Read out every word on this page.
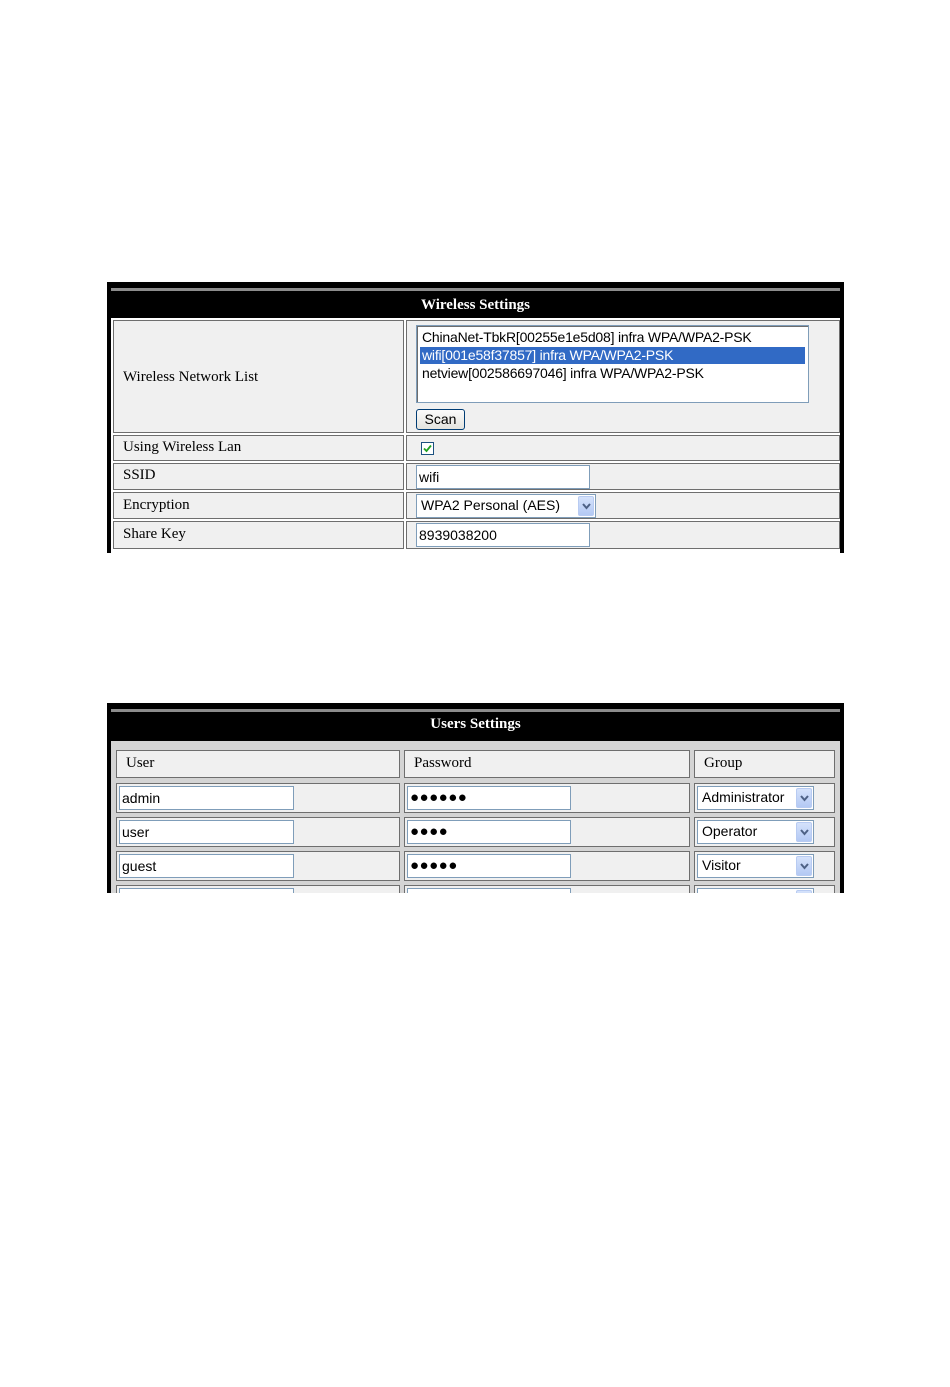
Wireless Settings
Wireless Network List
ChinaNet-TbkR[00255e1e5d08] infra WPA/WPA2-PSK
wifi[001e58f37857] infra WPA/WPA2-PSK
netview[002586697046] infra WPA/WPA2-PSK
Scan
Using Wireless Lan
SSID	wifi
Encryption	WPA2 Personal (AES)
Share Key	8939038200
Users Settings
User	Password	Group
admin	●●●●●●	Administrator
user	●●●●	Operator
guest	●●●●●	Visitor
